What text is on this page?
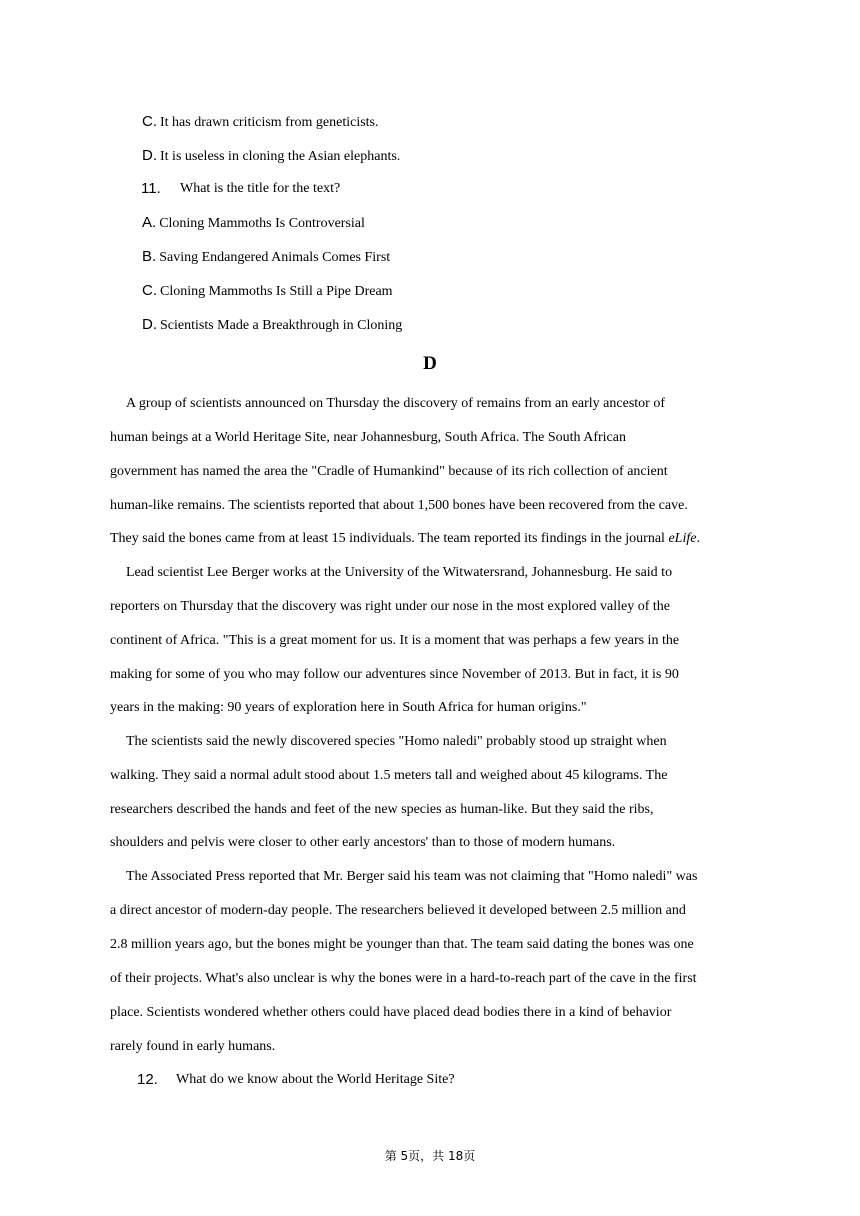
C. It has drawn criticism from geneticists.
D. It is useless in cloning the Asian elephants.
11. What is the title for the text?
A. Cloning Mammoths Is Controversial
B. Saving Endangered Animals Comes First
C. Cloning Mammoths Is Still a Pipe Dream
D. Scientists Made a Breakthrough in Cloning
D
A group of scientists announced on Thursday the discovery of remains from an early ancestor of
human beings at a World Heritage Site, near Johannesburg, South Africa. The South African
government has named the area the "Cradle of Humankind" because of its rich collection of ancient
human-like remains. The scientists reported that about 1,500 bones have been recovered from the cave.
They said the bones came from at least 15 individuals. The team reported its findings in the journal eLife.
Lead scientist Lee Berger works at the University of the Witwatersrand, Johannesburg. He said to
reporters on Thursday that the discovery was right under our nose in the most explored valley of the
continent of Africa. "This is a great moment for us. It is a moment that was perhaps a few years in the
making for some of you who may follow our adventures since November of 2013. But in fact, it is 90
years in the making: 90 years of exploration here in South Africa for human origins."
The scientists said the newly discovered species "Homo naledi" probably stood up straight when
walking. They said a normal adult stood about 1.5 meters tall and weighed about 45 kilograms. The
researchers described the hands and feet of the new species as human-like. But they said the ribs,
shoulders and pelvis were closer to other early ancestors' than to those of modern humans.
The Associated Press reported that Mr. Berger said his team was not claiming that "Homo naledi" was
a direct ancestor of modern-day people. The researchers believed it developed between 2.5 million and
2.8 million years ago, but the bones might be younger than that. The team said dating the bones was one
of their projects. What's also unclear is why the bones were in a hard-to-reach part of the cave in the first
place. Scientists wondered whether others could have placed dead bodies there in a kind of behavior
rarely found in early humans.
12. What do we know about the World Heritage Site?
第 5页，共 18页
